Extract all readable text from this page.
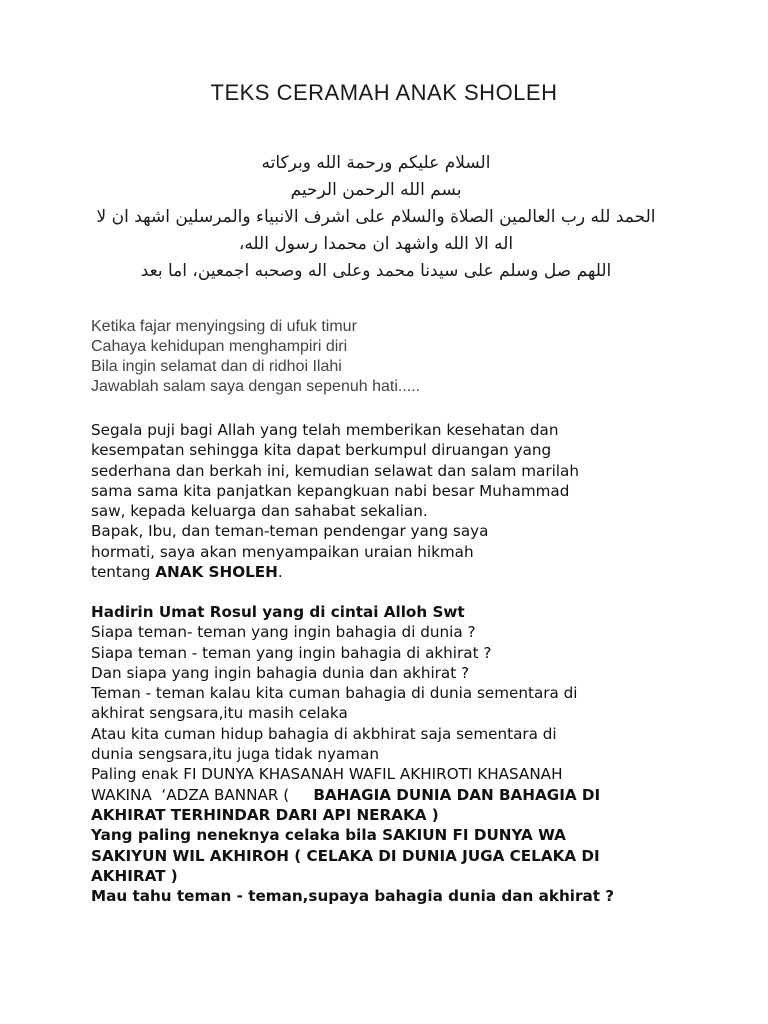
TEKS CERAMAH ANAK SHOLEH
السلام عليكم ورحمة الله وبركاته
بسم الله الرحمن الرحيم
الحمد لله رب العالمين الصلاة والسلام على اشرف الانبياء والمرسلين اشهد ان لا
اله الا الله واشهد ان محمدا رسول الله،
اللهم صل وسلم على سيدنا محمد وعلى اله وصحبه اجمعين، اما بعد
Ketika fajar menyingsing di ufuk timur
Cahaya kehidupan menghampiri diri
Bila ingin selamat dan di ridhoi Ilahi
Jawablah salam saya dengan sepenuh hati.....
Segala puji bagi Allah yang telah memberikan kesehatan dan
kesempatan sehingga kita dapat berkumpul diruangan yang
sederhana dan berkah ini, kemudian selawat dan salam marilah
sama sama kita panjatkan kepangkuan nabi besar Muhammad
saw, kepada keluarga dan sahabat sekalian.
Bapak, Ibu, dan teman-teman pendengar yang saya
hormati, saya akan menyampaikan uraian hikmah
tentang ANAK SHOLEH.
Hadirin Umat Rosul yang di cintai Alloh Swt
Siapa teman- teman yang ingin bahagia di dunia ?
Siapa teman - teman yang ingin bahagia di akhirat ?
Dan siapa yang ingin bahagia dunia dan akhirat ?
Teman - teman kalau kita cuman bahagia di dunia sementara di
akhirat sengsara,itu masih celaka
Atau kita cuman hidup bahagia di akbhirat saja sementara di
dunia sengsara,itu juga tidak nyaman
Paling enak FI DUNYA KHASANAH WAFIL AKHIROTI KHASANAH
WAKINA  ‘ADZA BANNAR (     BAHAGIA DUNIA DAN BAHAGIA DI
AKHIRAT TERHINDAR DARI API NERAKA )
Yang paling neneknya celaka bila SAKIUN FI DUNYA WA
SAKIYUN WIL AKHIROH ( CELAKA DI DUNIA JUGA CELAKA DI
AKHIRAT )
Mau tahu teman - teman,supaya bahagia dunia dan akhirat ?
